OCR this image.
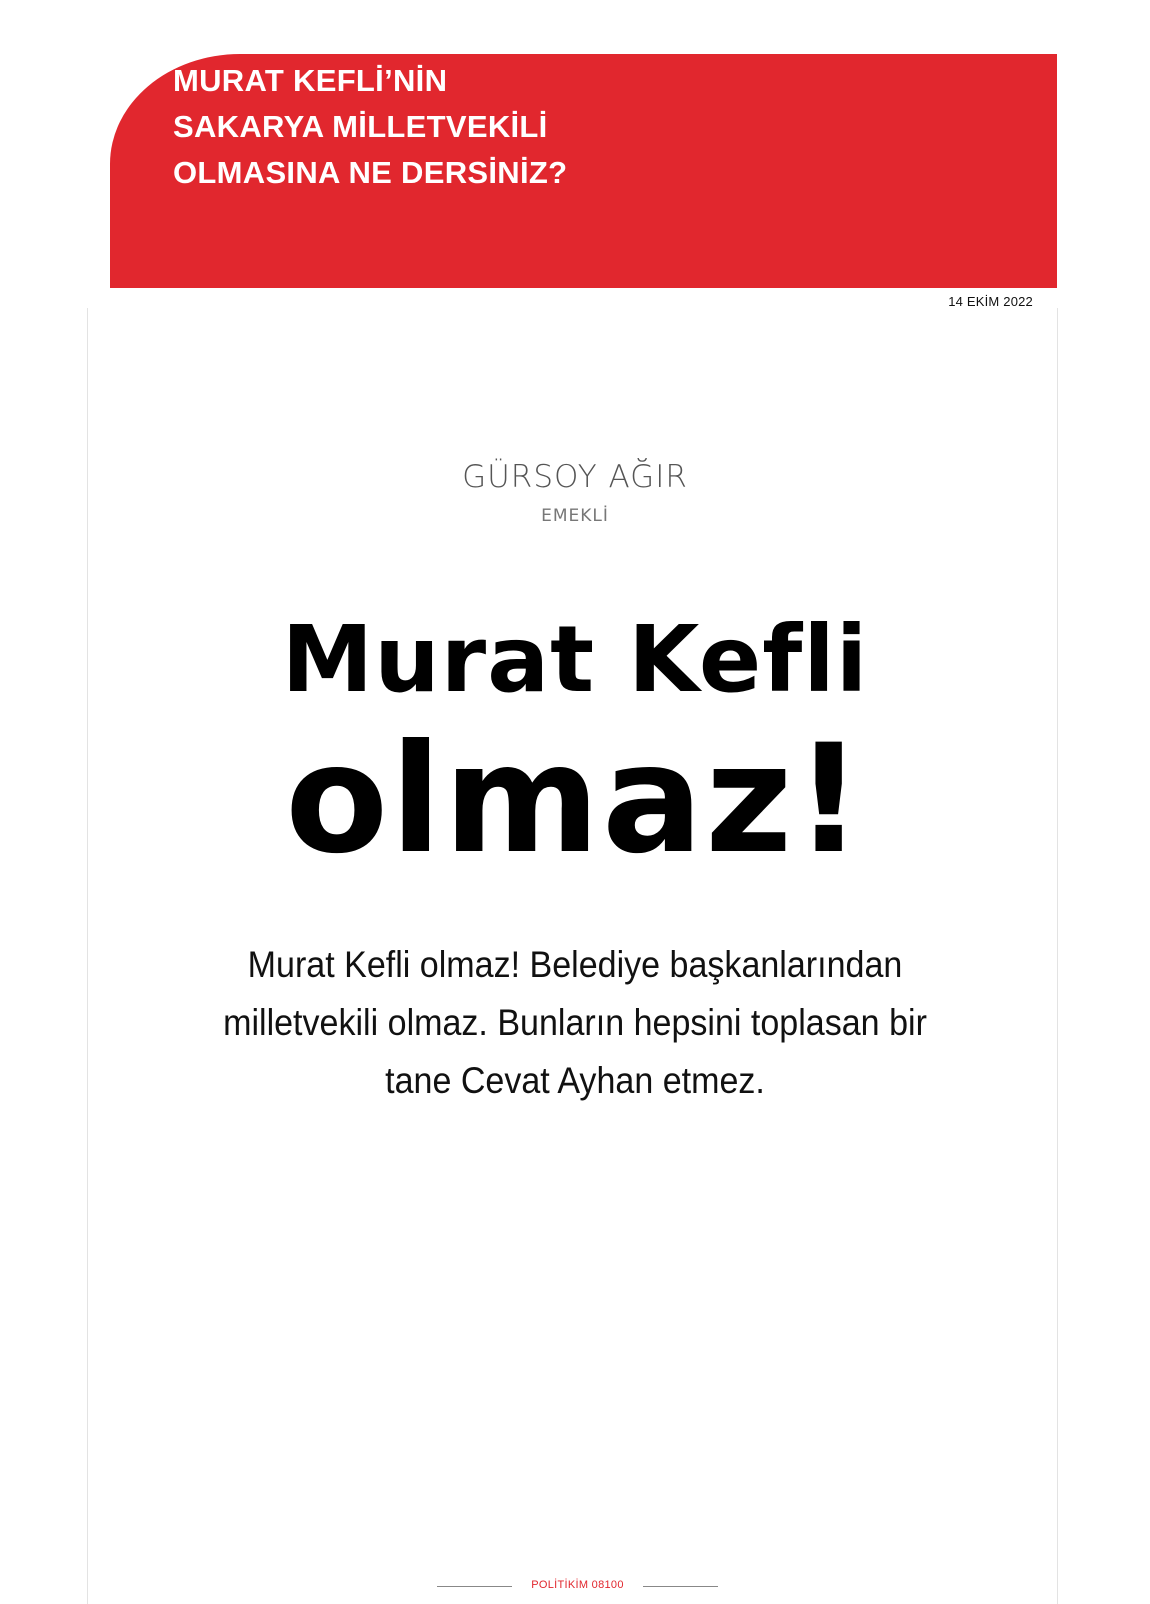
MURAT KEFLİ’NİN
SAKARYA MİLLETVEKİLİ
OLMASINA NE DERSİNİZ?
14 EKİM 2022
GÜRSOY AĞIR
EMEKLİ
Murat Kefli
olmaz!

Murat Kefli olmaz! Belediye başkanlarından milletvekili olmaz. Bunların hepsini toplasan bir tane Cevat Ayhan etmez.

POLİTİKİM 08100
